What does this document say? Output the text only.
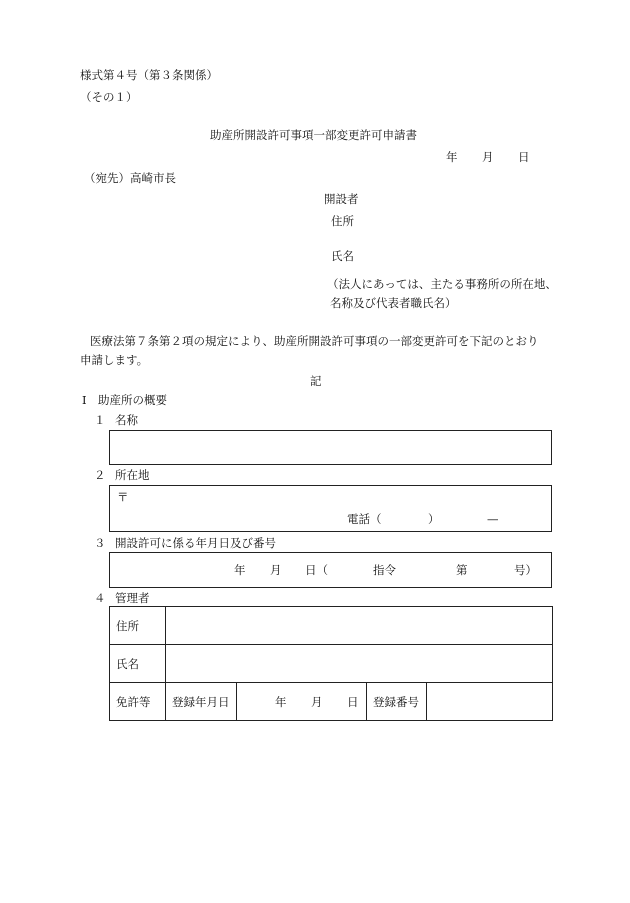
様式第４号（第３条関係）
（その１）
助産所開設許可事項一部変更許可申請書
年 月 日
（宛先）高崎市長
開設者
住所
氏名
（法人にあっては、主たる事務所の所在地、
名称及び代表者職氏名）
医療法第７条第２項の規定により、助産所開設許可事項の一部変更許可を下記のとおり
申請します。
記
Ⅰ　助産所の概要
１ 名称
２ 所在地
〒
電話（	）	—
３ 開設許可に係る年月日及び番号
年 月 日（	指令	第	号）
４ 管理者
住所				
氏名				
免許等	登録年月日	年 月 日	登録番号	
